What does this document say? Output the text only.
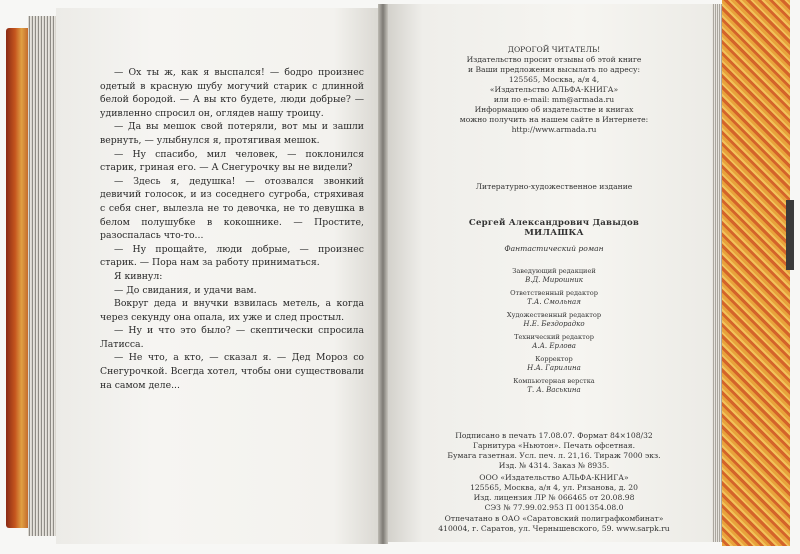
— Ох ты ж, как я выспался! — бодро произнес одетый в красную шубу могучий старик с длинной белой бородой. — А вы кто будете, люди добрые? — удивленно спросил он, оглядев нашу троицу.

— Да вы мешок свой потеряли, вот мы и зашли вернуть, — улыбнулся я, протягивая мешок.

— Ну спасибо, мил человек, — поклонился старик, гриная его. — А Снегурочку вы не видели?

— Здесь я, дедушка! — отозвался звонкий девичий голосок, и из соседнего сугроба, стряхивая с себя снег, вылезла не то девочка, не то девушка в белом полушубке в кокошнике. — Простите, разоспалась что-то...

— Ну прощайте, люди добрые, — произнес старик. — Пора нам за работу приниматься.

Я кивнул:

— До свидания, и удачи вам.

Вокруг деда и внучки взвилась метель, а когда через секунду она опала, их уже и след простыл.

— Ну и что это было? — скептически спросила Латисса.

— Не что, а кто, — сказал я. — Дед Мороз со Снегурочкой. Всегда хотел, чтобы они существовали на самом деле...

ДОРОГОЙ ЧИТАТЕЛЬ!
Издательство просит отзывы об этой книге
и Ваши предложения высылать по адресу:
125565, Москва, а/я 4,
«Издательство АЛЬФА-КНИГА»
или по e-mail: mm@armada.ru
Информацию об издательстве и книгах
можно получить на нашем сайте в Интернете:
http://www.armada.ru
Литературно-художественное издание
Сергей Александрович Давыдов
МИЛАШКА
Фантастический роман
Заведующий редакцией
В.Д. Мирошник
Ответственный редактор
Т.А. Смольная
Художественный редактор
Н.Е. Бездорадко
Технический редактор
А.А. Ерлова
Корректор
Н.А. Гарилина
Компьютерная верстка
Т. А. Васькина
Подписано в печать 17.08.07. Формат 84×108/32
Гарнитура «Ньютон». Печать офсетная.
Бумага газетная. Усл. печ. л. 21,16. Тираж 7000 экз.
Изд. № 4314. Заказ № 8935.
ООО «Издательство АЛЬФА-КНИГА»
125565, Москва, а/я 4, ул. Рязанова, д. 20
Изд. лицензия ЛР № 066465 от 20.08.98
СЭЗ № 77.99.02.953 П 001354.08.0
Отпечатано в ОАО «Саратовский полиграфкомбинат»
410004, г. Саратов, ул. Чернышевского, 59. www.sarpk.ru
